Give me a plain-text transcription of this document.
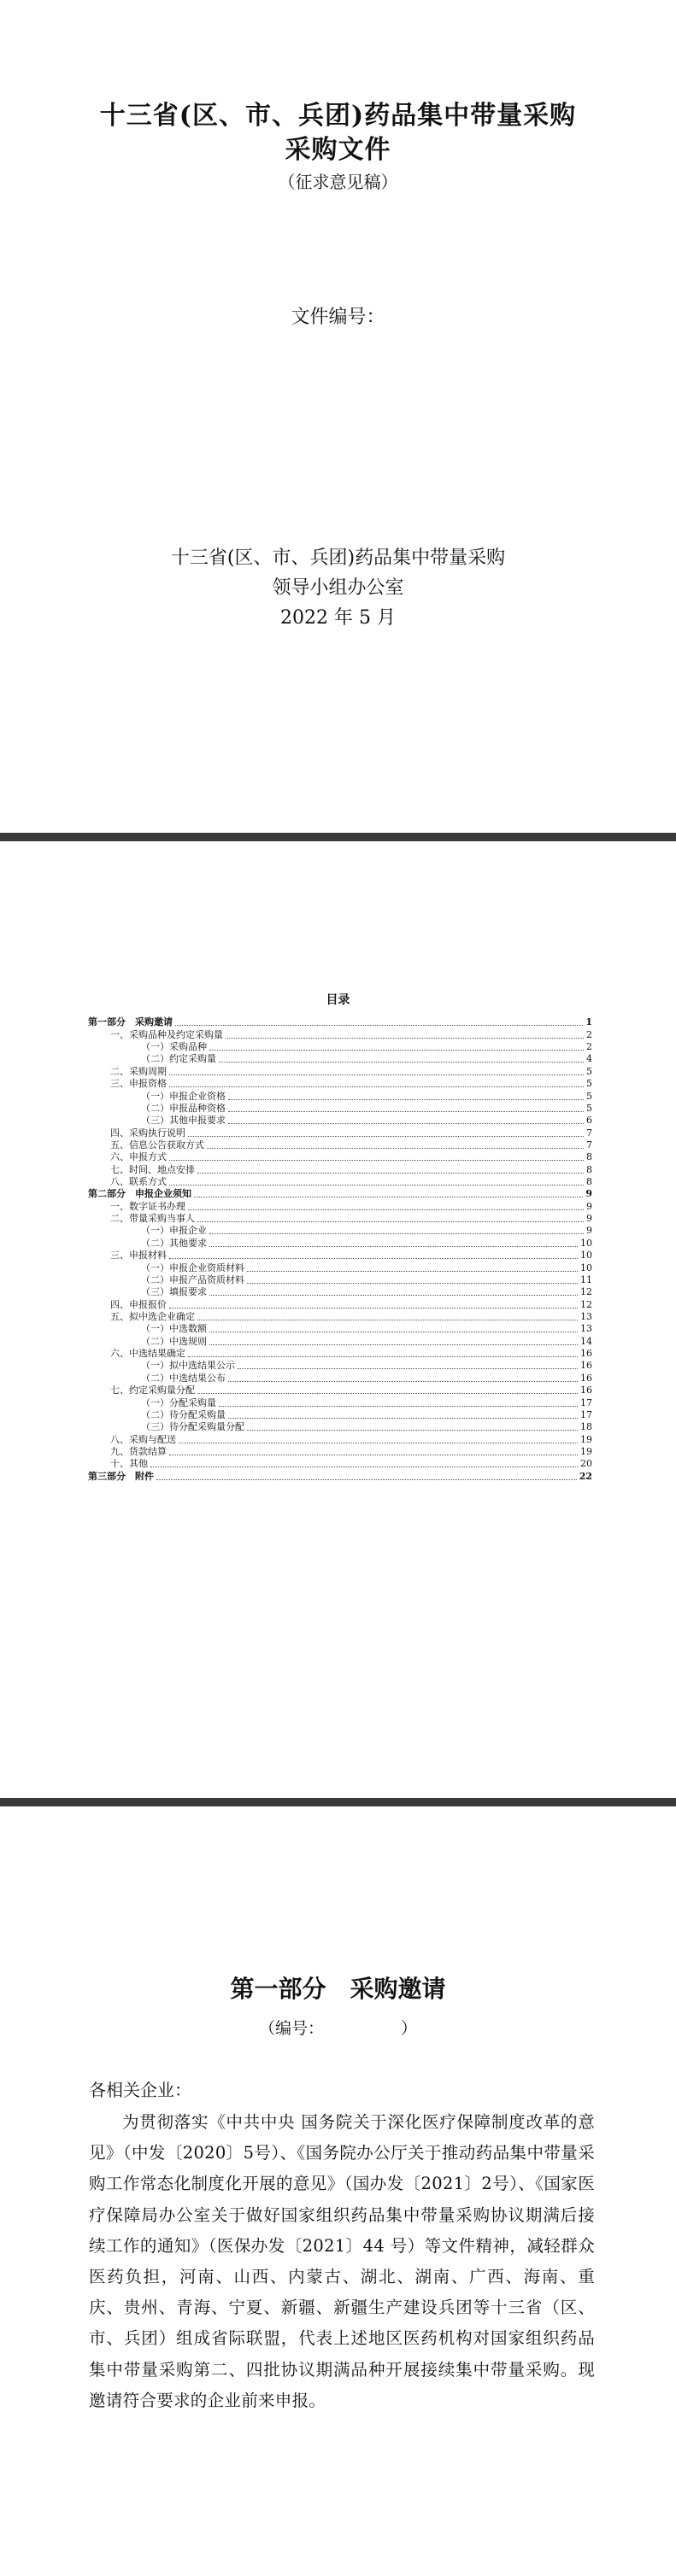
十三省(区、市、兵团)药品集中带量采购
采购文件
（征求意见稿）
文件编号：
十三省(区、市、兵团)药品集中带量采购
领导小组办公室
2022 年 5 月
目录
第一部分　采购邀请	1
一、采购品种及约定采购量	2
（一）采购品种	2
（二）约定采购量	4
二、采购周期	5
三、申报资格	5
（一）申报企业资格	5
（二）申报品种资格	5
（三）其他申报要求	6
四、采购执行说明	7
五、信息公告获取方式	7
六、申报方式	8
七、时间、地点安排	8
八、联系方式	8
第二部分　申报企业须知	9
一、数字证书办理	9
二、带量采购当事人	9
（一）申报企业	9
（二）其他要求	10
三、申报材料	10
（一）申报企业资质材料	10
（二）申报产品资质材料	11
（三）填报要求	12
四、申报报价	12
五、拟中选企业确定	13
（一）中选数额	13
（二）中选规则	14
六、中选结果确定	16
（一）拟中选结果公示	16
（二）中选结果公布	16
七、约定采购量分配	16
（一）分配采购量	17
（二）待分配采购量	17
（三）待分配采购量分配	18
八、采购与配送	19
九、货款结算	19
十、其他	20
第三部分　附件	22
第一部分　采购邀请
（编号：	）
各相关企业：

为贯彻落实《中共中央 国务院关于深化医疗保障制度改革的意见》（中发〔2020〕5号）、《国务院办公厅关于推动药品集中带量采购工作常态化制度化开展的意见》（国办发〔2021〕2号）、《国家医疗保障局办公室关于做好国家组织药品集中带量采购协议期满后接续工作的通知》（医保办发〔2021〕44 号）等文件精神，减轻群众医药负担，河南、山西、内蒙古、湖北、湖南、广西、海南、重庆、贵州、青海、宁夏、新疆、新疆生产建设兵团等十三省（区、市、兵团）组成省际联盟，代表上述地区医药机构对国家组织药品集中带量采购第二、四批协议期满品种开展接续集中带量采购。现邀请符合要求的企业前来申报。
